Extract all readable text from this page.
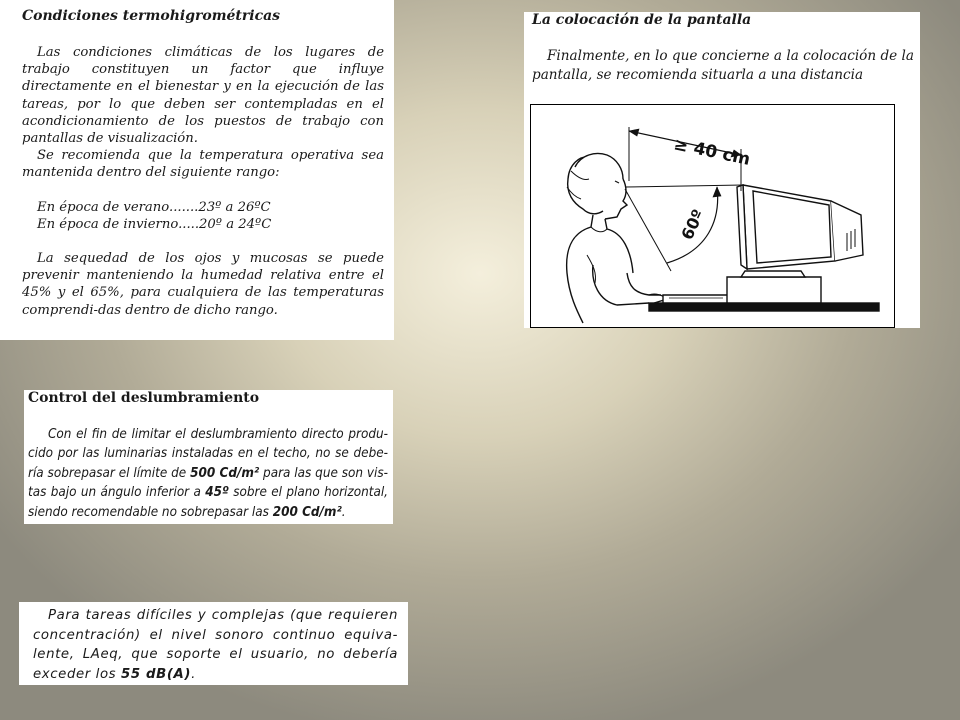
Condiciones termohigrométricas

Las condiciones climáticas de los lugares de trabajo constituyen un factor que influye directamente en el bienestar y en la ejecución de las tareas, por lo que deben ser contempladas en el acondicionamiento de los puestos de trabajo con pantallas de visualización.

Se recomienda que la temperatura operativa sea mantenida dentro del siguiente rango:

En época de verano.......23º a 26ºC
En época de invierno.....20º a 24ºC

La sequedad de los ojos y mucosas se puede prevenir manteniendo la humedad relativa entre el 45% y el 65%, para cualquiera de las temperaturas comprendi-das dentro de dicho rango.

La colocación de la pantalla

Finalmente, en lo que concierne a la colocación de la pantalla, se recomienda situarla a una distancia

≥ 40 cm
60º
Control del deslumbramiento

Con el fin de limitar el deslumbramiento directo produ-cido por las luminarias instaladas en el techo, no se debe-ría sobrepasar el límite de 500 Cd/m² para las que son vis-tas bajo un ángulo inferior a 45º sobre el plano horizontal, siendo recomendable no sobrepasar las 200 Cd/m².

Para tareas difíciles y complejas (que requieren concentración) el nivel sonoro continuo equiva-lente, LAeq, que soporte el usuario, no debería exceder los 55 dB(A).
